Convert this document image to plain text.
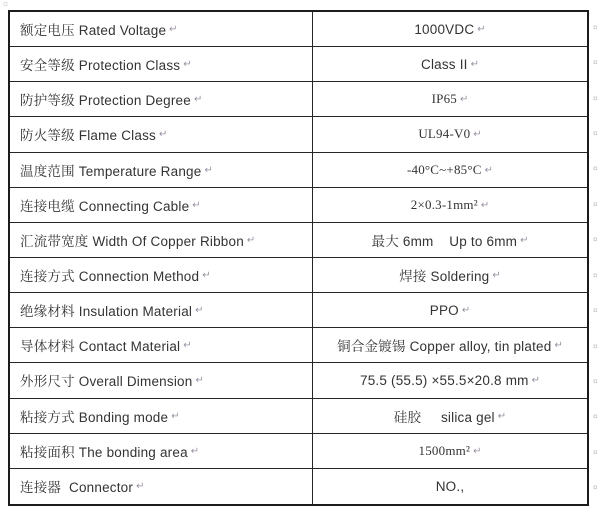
额定电压 Rated Voltage ↵	1000VDC ↵
安全等级 Protection Class ↵	Class II ↵
防护等级 Protection Degree ↵	IP65 ↵
防火等级 Flame Class ↵	UL94-V0 ↵
温度范围 Temperature Range ↵	-40°C~+85°C ↵
连接电缆 Connecting Cable ↵	2×0.3-1mm² ↵
汇流带宽度 Width Of Copper Ribbon ↵	最大 6mm    Up to 6mm ↵
连接方式 Connection Method ↵	焊接 Soldering ↵
绝缘材料 Insulation Material ↵	PPO ↵
导体材料 Contact Material ↵	铜合金镀锡 Copper alloy, tin plated ↵
外形尺寸 Overall Dimension ↵	75.5 (55.5) ×55.5×20.8 mm ↵
粘接方式 Bonding mode ↵	硅胶     silica gel ↵
粘接面积 The bonding area ↵	1500mm² ↵
连接器  Connector ↵	NO.,
¤
¤
¤
¤
¤
¤
¤
¤
¤
¤
¤
¤
¤
¤
¤
